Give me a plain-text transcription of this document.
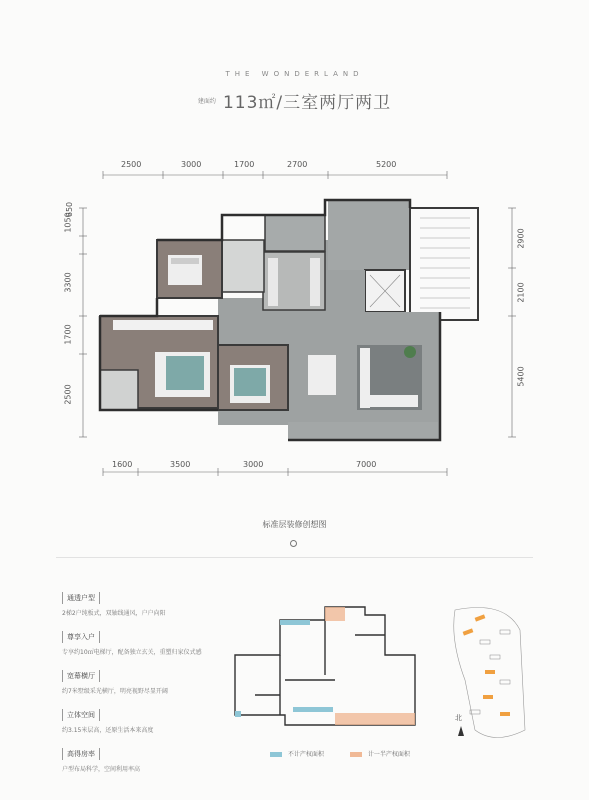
THE WONDERLAND
建面约 113㎡/三室两厅两卫
2500	3000	1700	2700	5200
1050
650
3300
1700
2500
2900
2100
5400
1600	3500	3000	7000
标准层装修创想图
通透户型
2梯2户纯板式，双轴线通风，户户向阳
尊享入户
专享约10㎡电梯厅，配备独立玄关，重塑归家仪式感
宽幕横厅
约7米墅级采光横厅，明亮视野尽显开阔
立体空间
约3.15米层高，还原生活本来高度
高得房率
户型布局科学，空间利用率高
北
不计产权面积	计一半产权面积
